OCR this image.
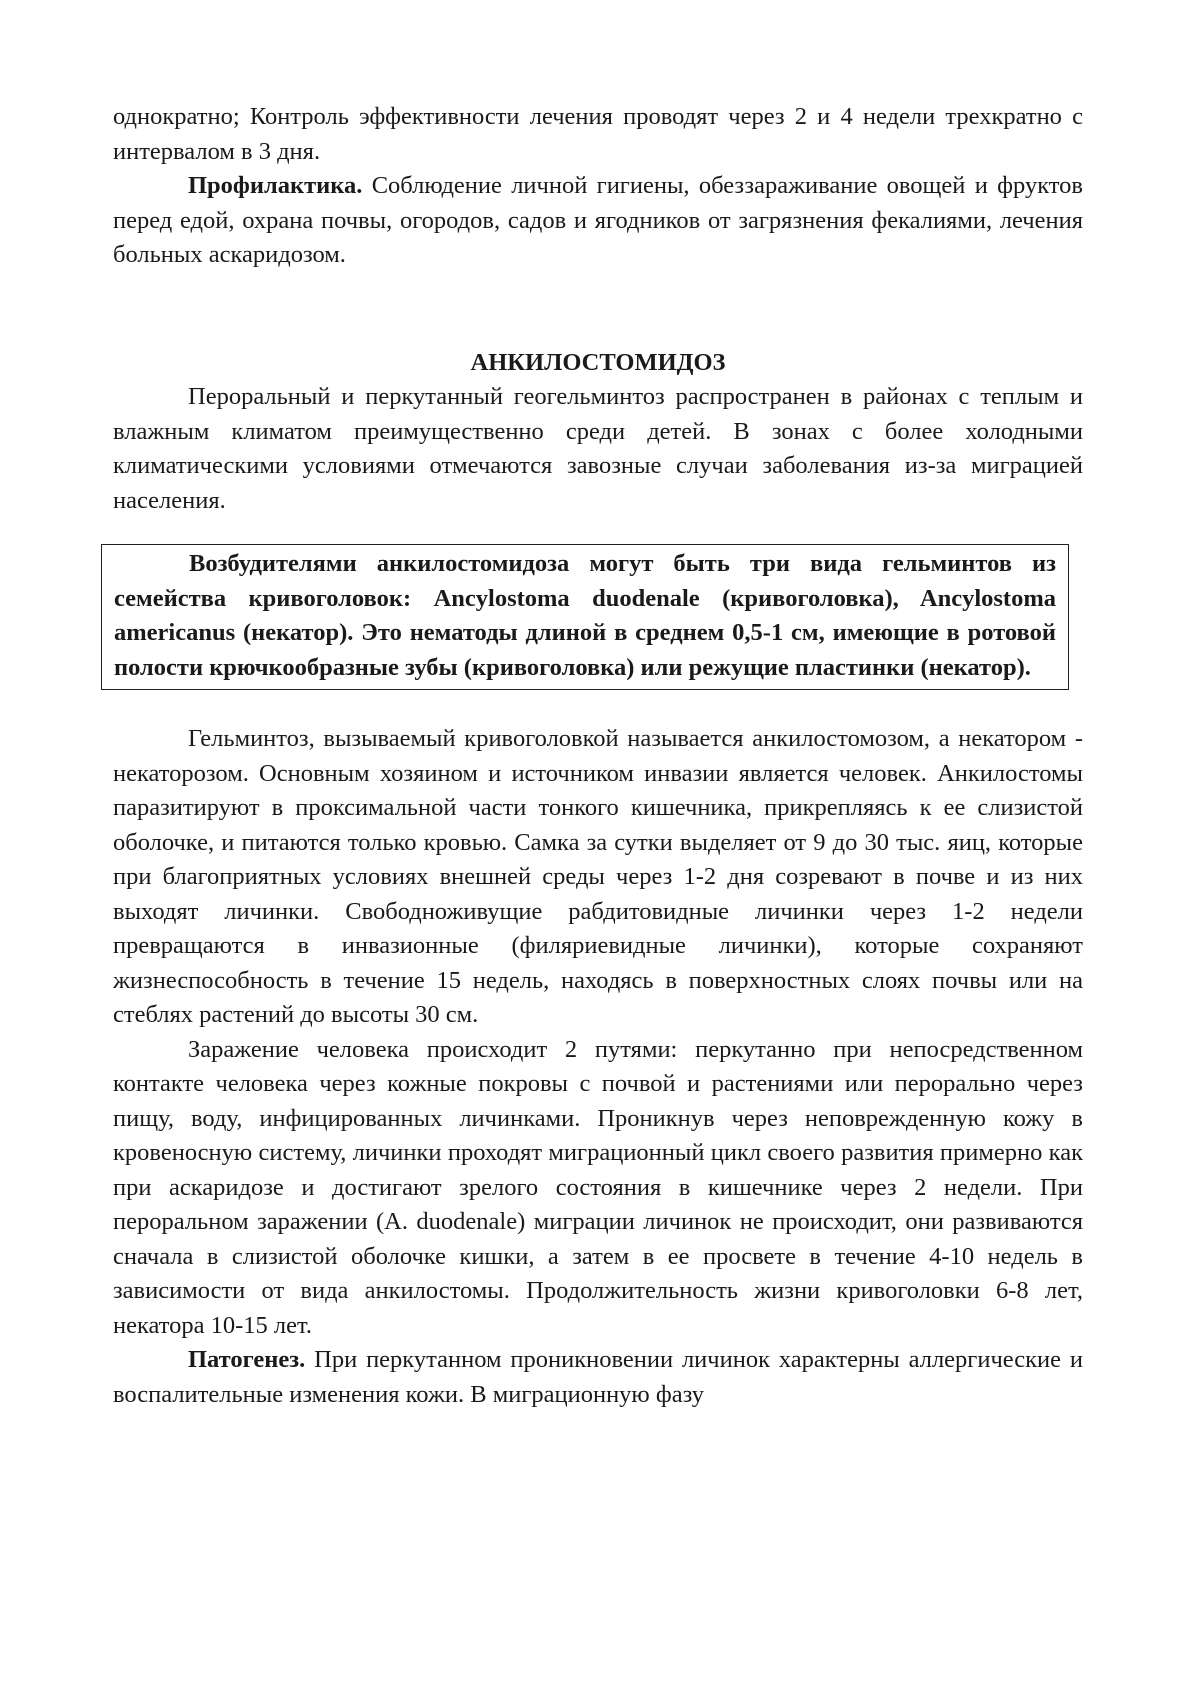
однократно; Контроль эффективности лечения проводят через 2 и 4 недели трехкратно с интервалом в 3 дня.

Профилактика. Соблюдение личной гигиены, обеззараживание овощей и фруктов перед едой, охрана почвы, огородов, садов и ягодников от загрязнения фекалиями, лечения больных аскаридозом.

АНКИЛОСТОМИДОЗ

Пероральный и перкутанный геогельминтоз распространен в районах с теплым и влажным климатом преимущественно среди детей. В зонах с более холодными климатическими условиями отмечаются завозные случаи заболевания из-за миграцией населения.

Возбудителями анкилостомидоза могут быть три вида гельминтов из семейства кривоголовок: Ancylostoma duodenale (кривоголовка), Ancylostoma americanus (некатор). Это нематоды длиной в среднем 0,5-1 см, имеющие в ротовой полости крючкообразные зубы (кривоголовка) или режущие пластинки (некатор).

Гельминтоз, вызываемый кривоголовкой называется анкилостомозом, а некатором - некаторозом. Основным хозяином и источником инвазии является человек. Анкилостомы паразитируют в проксимальной части тонкого кишечника, прикрепляясь к ее слизистой оболочке, и питаются только кровью. Самка за сутки выделяет от 9 до 30 тыс. яиц, которые при благоприятных условиях внешней среды через 1-2 дня созревают в почве и из них выходят личинки. Свободноживущие рабдитовидные личинки через 1-2 недели превращаются в инвазионные (филяриевидные личинки), которые сохраняют жизнеспособность в течение 15 недель, находясь в поверхностных слоях почвы или на стеблях растений до высоты 30 см.

Заражение человека происходит 2 путями: перкутанно при непосредственном контакте человека через кожные покровы с почвой и растениями или перорально через пищу, воду, инфицированных личинками. Проникнув через неповрежденную кожу в кровеносную систему, личинки проходят миграционный цикл своего развития примерно как при аскаридозе и достигают зрелого состояния в кишечнике через 2 недели. При пероральном заражении (A. duodenale) миграции личинок не происходит, они развиваются сначала в слизистой оболочке кишки, а затем в ее просвете в течение 4-10 недель в зависимости от вида анкилостомы. Продолжительность жизни кривоголовки 6-8 лет, некатора 10-15 лет.

Патогенез. При перкутанном проникновении личинок характерны аллергические и воспалительные изменения кожи. В миграционную фазу
